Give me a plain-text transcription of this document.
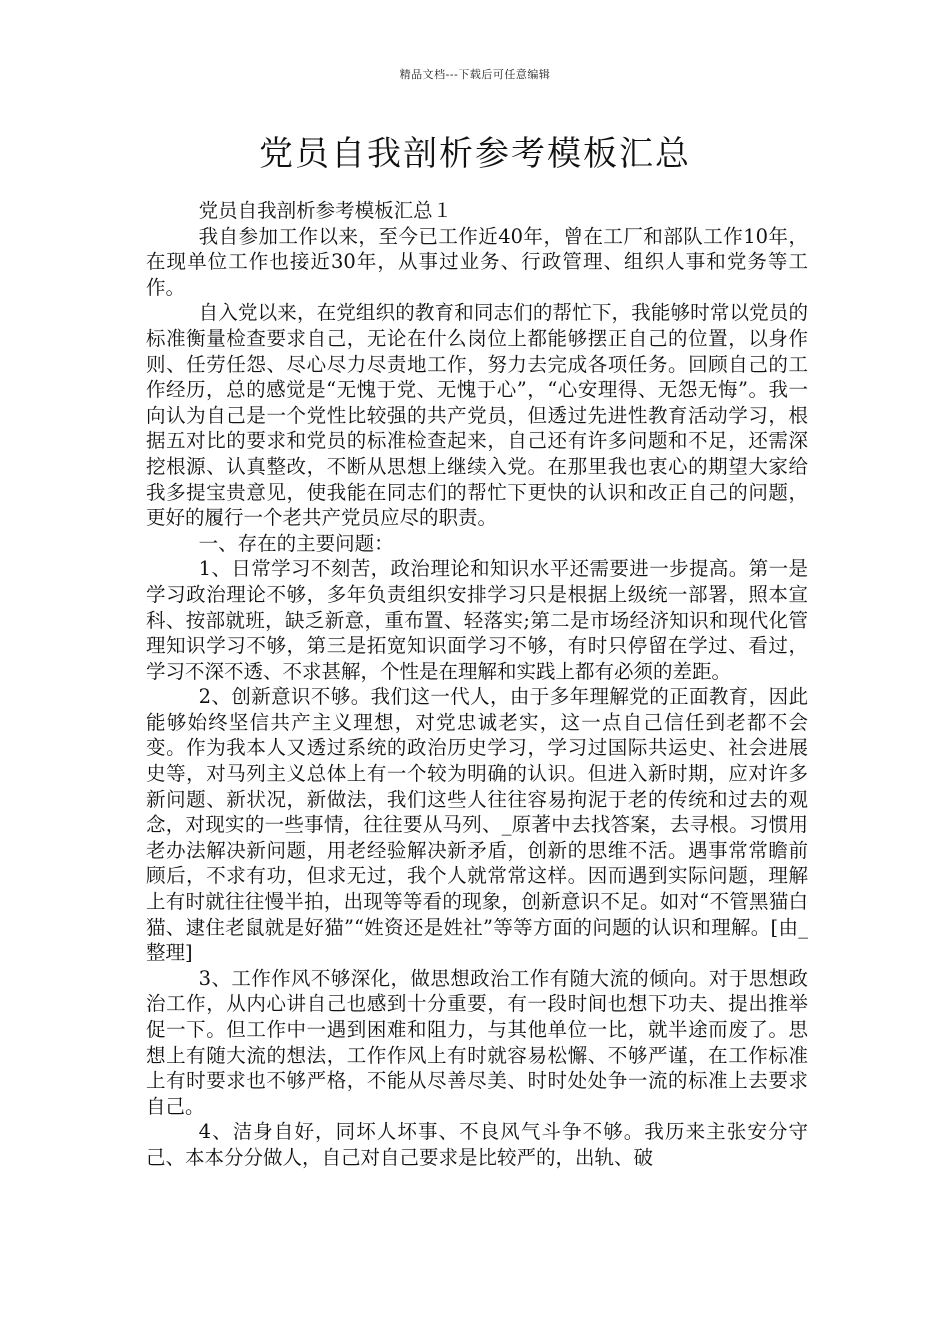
精品文档---下载后可任意编辑
党员自我剖析参考模板汇总

党员自我剖析参考模板汇总１

我自参加工作以来，至今已工作近40年，曾在工厂和部队工作10年，在现单位工作也接近30年，从事过业务、行政管理、组织人事和党务等工作。

自入党以来，在党组织的教育和同志们的帮忙下，我能够时常以党员的标准衡量检查要求自己，无论在什么岗位上都能够摆正自己的位置，以身作则、任劳任怨、尽心尽力尽责地工作，努力去完成各项任务。回顾自己的工作经历，总的感觉是“无愧于党、无愧于心”，“心安理得、无怨无悔”。我一向认为自己是一个党性比较强的共产党员，但透过先进性教育活动学习，根据五对比的要求和党员的标准检查起来，自己还有许多问题和不足，还需深挖根源、认真整改，不断从思想上继续入党。在那里我也衷心的期望大家给我多提宝贵意见，使我能在同志们的帮忙下更快的认识和改正自己的问题，更好的履行一个老共产党员应尽的职责。

一、存在的主要问题：

1、日常学习不刻苦，政治理论和知识水平还需要进一步提高。第一是学习政治理论不够，多年负责组织安排学习只是根据上级统一部署，照本宣科、按部就班，缺乏新意，重布置、轻落实;第二是市场经济知识和现代化管理知识学习不够，第三是拓宽知识面学习不够，有时只停留在学过、看过，学习不深不透、不求甚解，个性是在理解和实践上都有必须的差距。

2、创新意识不够。我们这一代人，由于多年理解党的正面教育，因此能够始终坚信共产主义理想，对党忠诚老实，这一点自己信任到老都不会变。作为我本人又透过系统的政治历史学习，学习过国际共运史、社会进展史等，对马列主义总体上有一个较为明确的认识。但进入新时期，应对许多新问题、新状况，新做法，我们这些人往往容易拘泥于老的传统和过去的观念，对现实的一些事情，往往要从马列、_原著中去找答案，去寻根。习惯用老办法解决新问题，用老经验解决新矛盾，创新的思维不活。遇事常常瞻前顾后，不求有功，但求无过，我个人就常常这样。因而遇到实际问题，理解上有时就往往慢半拍，出现等等看的现象，创新意识不足。如对“不管黑猫白猫、逮住老鼠就是好猫”“姓资还是姓社”等等方面的问题的认识和理解。[由_整理]

3、工作作风不够深化，做思想政治工作有随大流的倾向。对于思想政治工作，从内心讲自己也感到十分重要，有一段时间也想下功夫、提出推举促一下。但工作中一遇到困难和阻力，与其他单位一比，就半途而废了。思想上有随大流的想法，工作作风上有时就容易松懈、不够严谨，在工作标准上有时要求也不够严格，不能从尽善尽美、时时处处争一流的标准上去要求自己。

4、洁身自好，同坏人坏事、不良风气斗争不够。我历来主张安分守己、本本分分做人，自己对自己要求是比较严的，出轨、破
